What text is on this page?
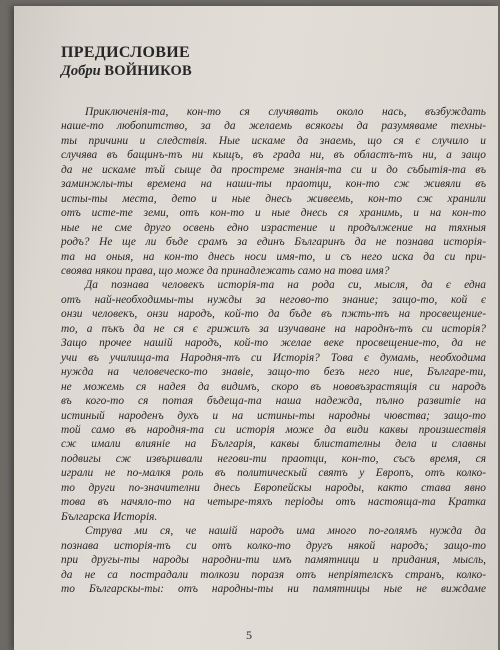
ПРЕДИСЛОВИЕ

Добри ВОЙНИКОВ

Приключенія-та, кон-то ся случявать около нась, възбуждать
наше-то любопитство, за да желаемь всякогы да разумяваме техны-
ты причини и следствія. Ные искаме да знаемь, що ся є случило и
случява въ бащинъ-тъ ни кыщъ, въ града ни, въ областъ-тъ ни, а защо
да не искаме тъй сыще да простреме знанія-та си и до събытія-та въ
заминжлы-ты времена на наши-ты праотци, кон-то сж живяли въ
исты-ты места, дето и ные днесь живеемь, кон-то сж хранили
отъ исте-те земи, отъ кон-то и ные днесь ся хранимь, и на кон-то
ные не сме друго освень едно израстение и продължение на тяхныя
родъ? Не ще ли бъде срамъ за единъ Българинъ да не познава исторія-
та на оныя, на кон-то днесь носи имя-то, и съ него иска да си при-
своява някои права, що може да принадлежать само на това имя?

Да познава человекъ исторія-та на рода си, мысля, да є една
отъ най-необходимы-ты нужды за негово-то знание; защо-то, кой є
онзи человекъ, онзи народъ, кой-то да бъде въ пжть-тъ на просвещение-
то, а пъкъ да не ся є грижилъ за изучаване на народнъ-тъ си исторія?
Защо прочее нашій народъ, кой-то желае веке просвещение-то, да не
учи въ училища-та Народня-тъ си Исторія? Това є думамь, необходима
нужда на человеческо-то знавіе, защо-то безъ него ние, Българе-ти,
не можемь ся надея да видимъ, скоро въ нововъзрастящія си народъ
въ кого-то ся потая бъдеща-та наша надежда, пълно развитіе на
истиный народенъ духъ и на истины-ты народны чювства; защо-то
той само въ народня-та си исторія може да види каквы произшествія
сж имали влияніе на Българія, каквы блистателны дела и славны
подвигы сж извършвали негови-ти праотци, кон-то, съсъ время, ся
играли не по-малкя роль въ политическый святъ у Европъ, отъ колко-
то други по-значителни днесь Европейскы народы, както става явно
това въ начяло-то на четыре-тяхъ періоды отъ настояща-та Кратка
Българска Исторія.

Струва ми ся, че нашій народъ има много по-голямъ нужда да
познава исторія-тъ си отъ колко-то другъ някой народъ; защо-то
при другы-ты народы народни-ти имъ памятници и придания, мысль,
да не са пострадали толкози поразя отъ непріятелскъ странъ, колко-
то Българскы-ты: отъ народны-ты ни памятницы ные не виждаме

5
